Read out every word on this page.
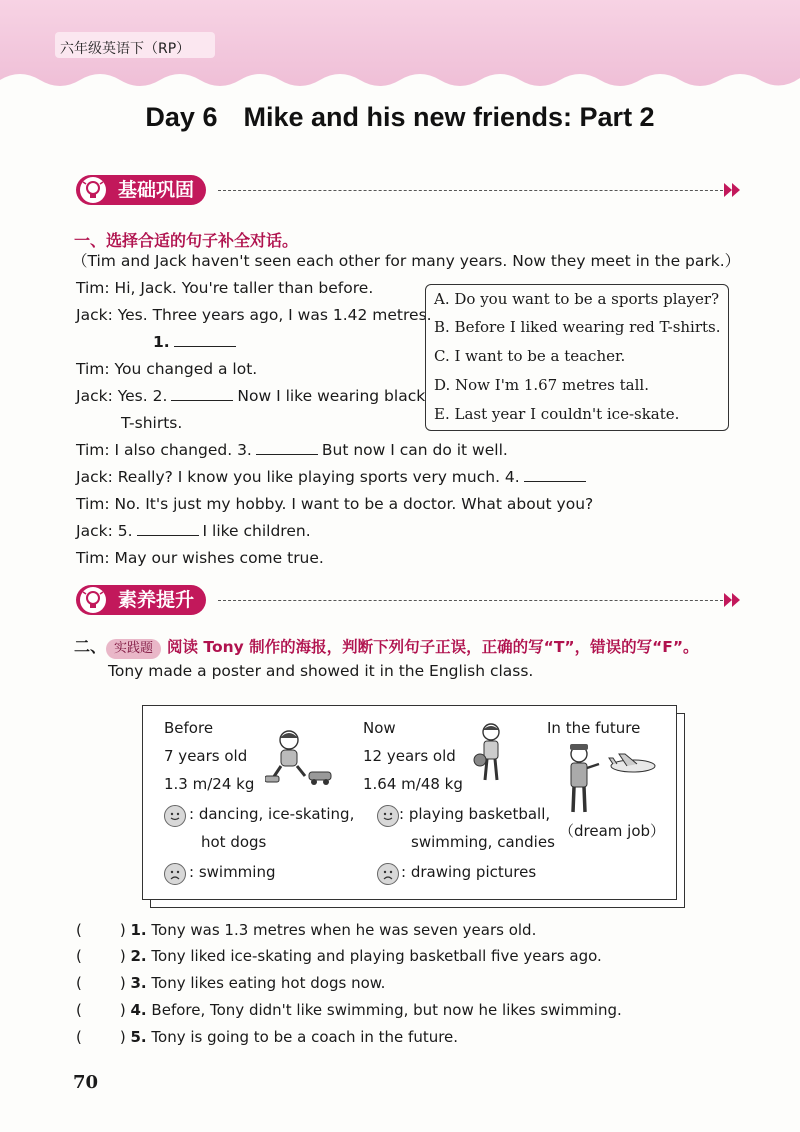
六年级英语下（RP）
Day 6 Mike and his new friends: Part 2
基础巩固
一、选择合适的句子补全对话。
（Tim and Jack haven't seen each other for many years. Now they meet in the park.）
Tim: Hi, Jack. You're taller than before.
Jack: Yes. Three years ago, I was 1.42 metres.
1.
Tim: You changed a lot.
Jack: Yes. 2.	Now I like wearing black
T-shirts.
Tim: I also changed. 3.	But now I can do it well.
Jack: Really? I know you like playing sports very much. 4.
Tim: No. It's just my hobby. I want to be a doctor. What about you?
Jack: 5.	I like children.
Tim: May our wishes come true.
A. Do you want to be a sports player?
B. Before I liked wearing red T-shirts.
C. I want to be a teacher.
D. Now I'm 1.67 metres tall.
E. Last year I couldn't ice-skate.
素养提升
二、 实践题 阅读 Tony 制作的海报，判断下列句子正误，正确的写“T”，错误的写“F”。
Tony made a poster and showed it in the English class.
Before
7 years old
1.3 m/24 kg
: dancing, ice-skating,
hot dogs
: swimming
Now
12 years old
1.64 m/48 kg
: playing basketball,
swimming, candies
: drawing pictures
In the future
（dream job）
(	) 1. Tony was 1.3 metres when he was seven years old.
(	) 2. Tony liked ice-skating and playing basketball five years ago.
(	) 3. Tony likes eating hot dogs now.
(	) 4. Before, Tony didn't like swimming, but now he likes swimming.
(	) 5. Tony is going to be a coach in the future.
70
